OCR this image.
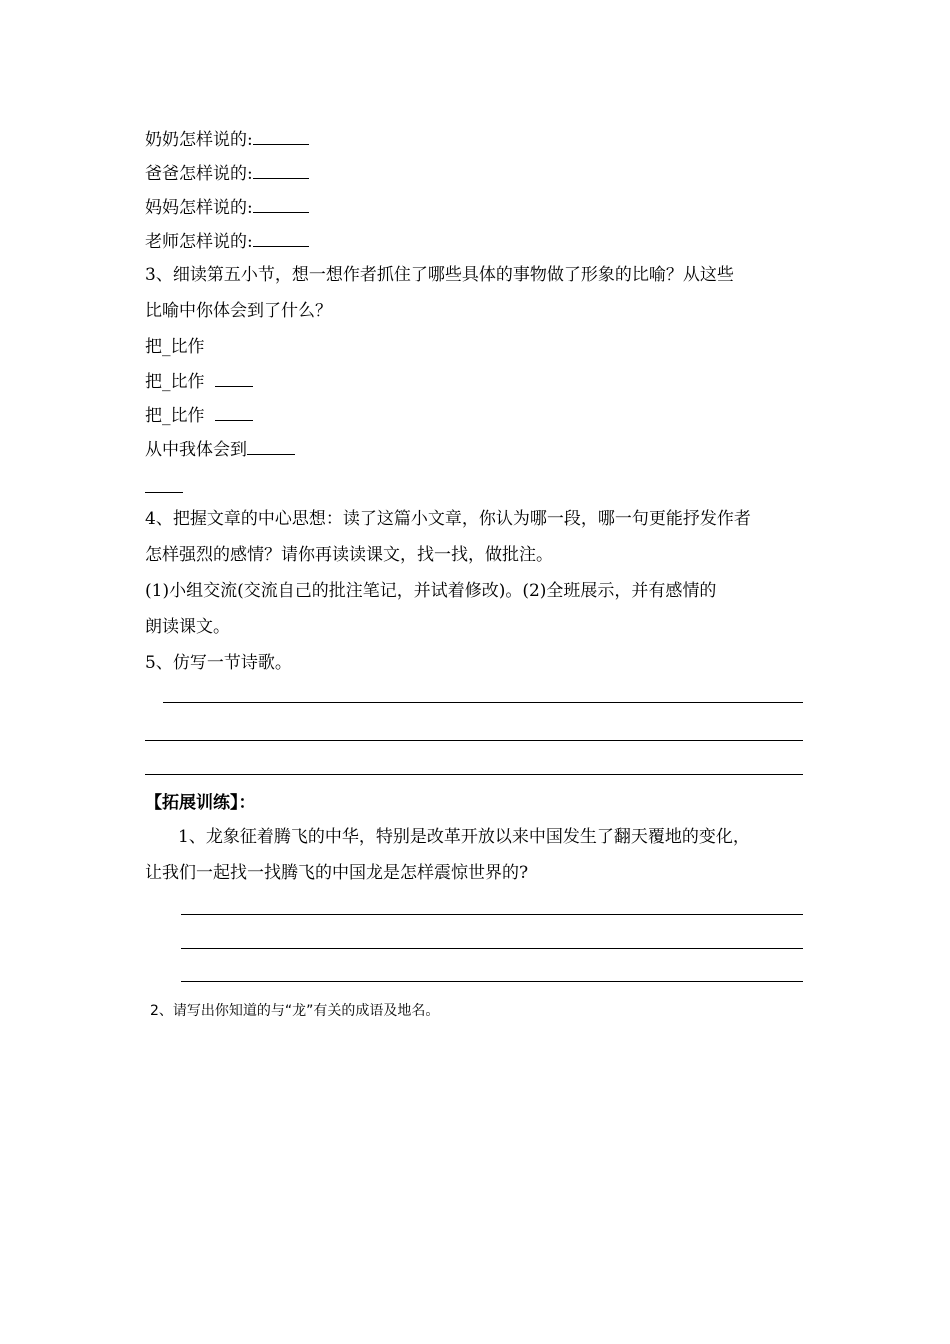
奶奶怎样说的:
爸爸怎样说的:
妈妈怎样说的:
老师怎样说的:
3、细读第五小节，想一想作者抓住了哪些具体的事物做了形象的比喻？从这些
比喻中你体会到了什么？
把_比作
把_比作
把_比作
从中我体会到
4、把握文章的中心思想：读了这篇小文章，你认为哪一段，哪一句更能抒发作者
怎样强烈的感情？请你再读读课文，找一找，做批注。
(1)小组交流(交流自己的批注笔记，并试着修改)。(2)全班展示，并有感情的
朗读课文。
5、仿写一节诗歌。
【拓展训练】：
1、龙象征着腾飞的中华，特别是改革开放以来中国发生了翻天覆地的变化，
让我们一起找一找腾飞的中国龙是怎样震惊世界的?
2、请写出你知道的与“龙”有关的成语及地名。
